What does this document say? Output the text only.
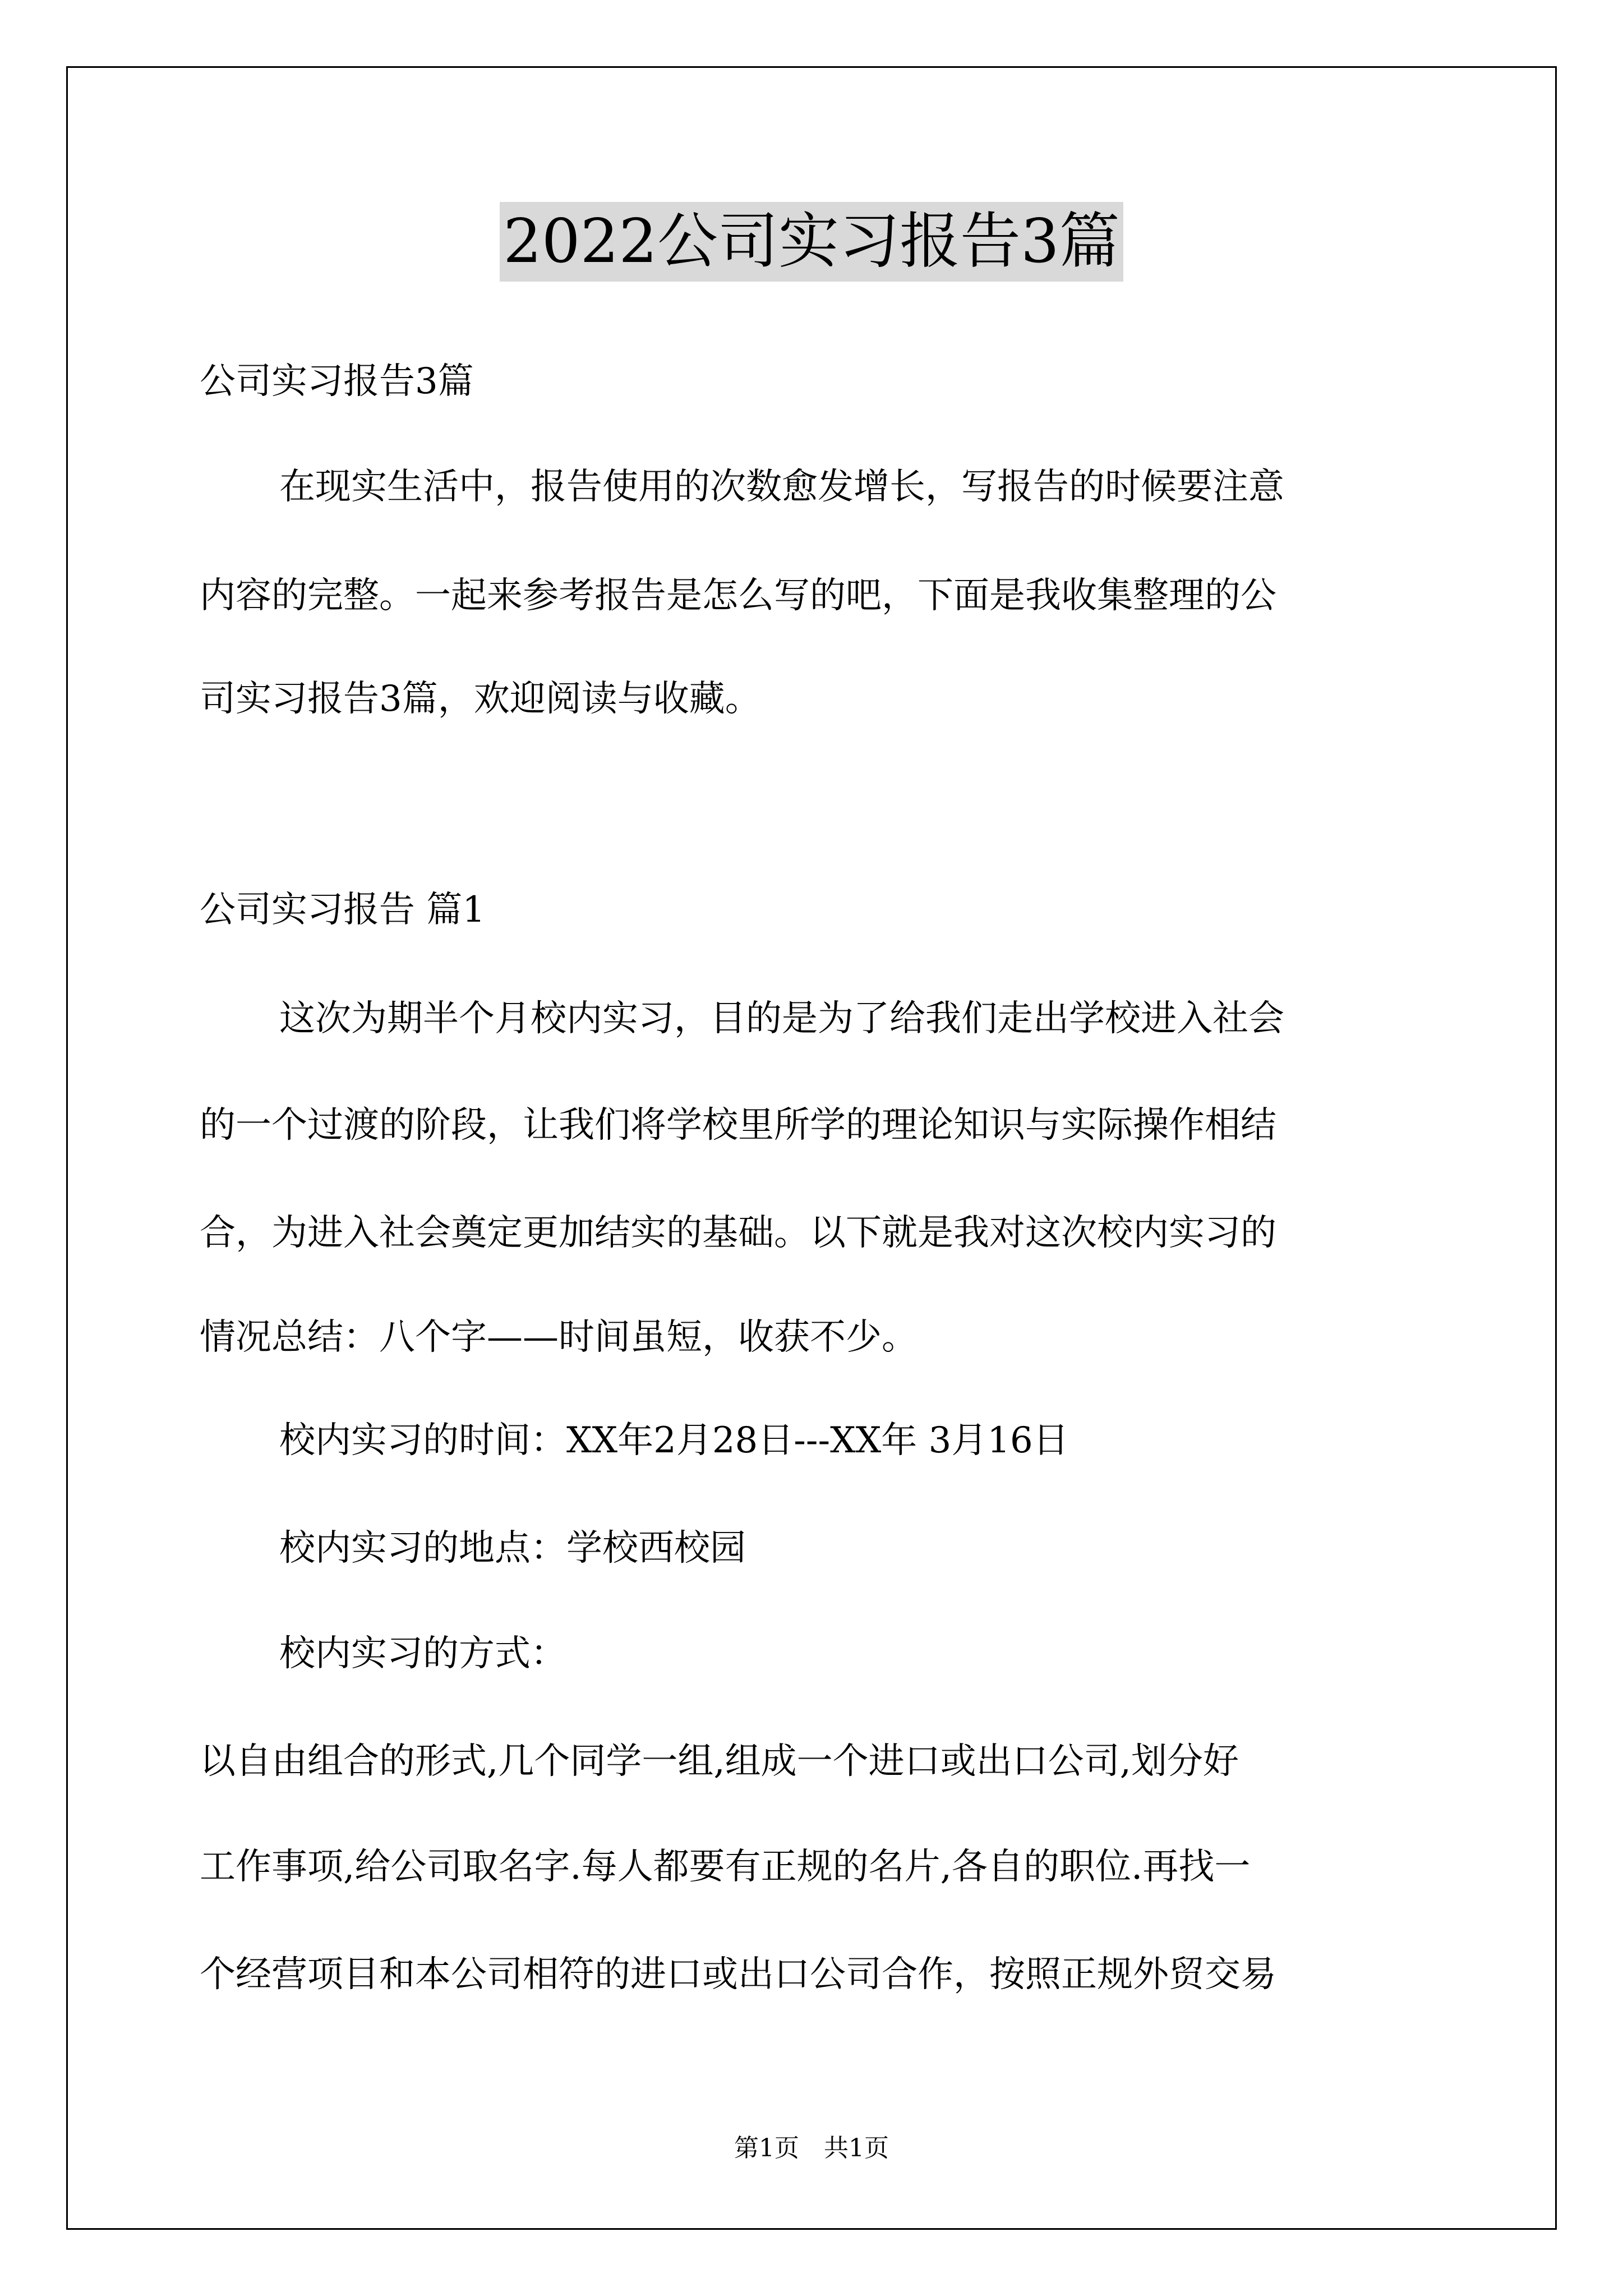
2022公司实习报告3篇
公司实习报告3篇
在现实生活中，报告使用的次数愈发增长，写报告的时候要注意
内容的完整。一起来参考报告是怎么写的吧，下面是我收集整理的公
司实习报告3篇，欢迎阅读与收藏。
公司实习报告 篇1
这次为期半个月校内实习，目的是为了给我们走出学校进入社会
的一个过渡的阶段，让我们将学校里所学的理论知识与实际操作相结
合，为进入社会奠定更加结实的基础。以下就是我对这次校内实习的
情况总结：八个字——时间虽短，收获不少。
校内实习的时间：XX年2月28日---XX年 3月16日
校内实习的地点：学校西校园
校内实习的方式：
以自由组合的形式,几个同学一组,组成一个进口或出口公司,划分好
工作事项,给公司取名字.每人都要有正规的名片,各自的职位.再找一
个经营项目和本公司相符的进口或出口公司合作，按照正规外贸交易
第1页　共1页
